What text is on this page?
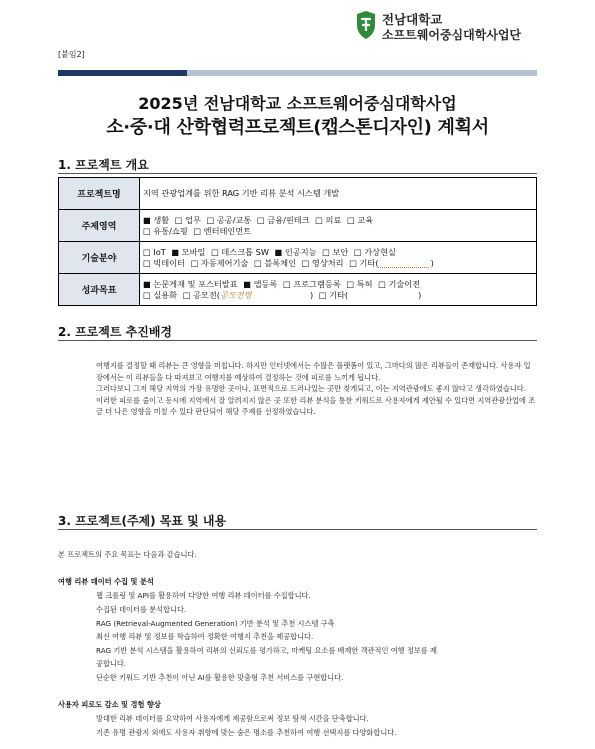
전남대학교
소프트웨어중심대학사업단
[붙임2]
2025년 전남대학교 소프트웨어중심대학사업
소·중·대 산학협력프로젝트(캡스톤디자인) 계획서
1. 프로젝트 개요
프로젝트명	지역 관광업계를 위한 RAG 기반 리뷰 분석 시스템 개발
주제영역	■ 생활 □ 업무 □ 공공/교통 □ 금융/핀테크 □ 의료 □ 교육
□ 유통/쇼핑 □ 엔터테인먼트

기술분야	□ IoT ■ 모바일 □ 데스크톱 SW ■ 인공지능 □ 보안 □ 가상현실
□ 빅데이터 □ 자동제어기술 □ 블록체인 □ 영상처리 □ 기타( )

성과목표	■ 논문게재 및 포스터발표 ■ 앱등록 □ 프로그램등록 □ 특허 □ 기술이전
□ 실용화 □ 공모전(공모전명 ) □ 기타( )
2. 프로젝트 추진배경

여행지를 결정할 때 리뷰는 큰 영향을 미칩니다. 하지만 인터넷에서는 수많은 플랫폼이 있고, 그마다의 많은 리뷰들이 존재합니다. 사용자 입장에서는 이 리뷰들을 다 따져보고 여행지를 예상하여 결정하는 것에 피로를 느끼게 됩니다.

그러다보니 그저 해당 지역의 가장 유명한 곳이나, 표면적으로 드러나있는 곳만 찾게되고, 이는 지역관광에도 좋지 않다고 생각하였습니다.

이러한 피로를 줄이고 동시에 지역에서 잘 알려지지 않은 곳 또한 리뷰 분석을 통한 키워드로 사용자에게 제안될 수 있다면 지역관광산업에 조금 더 나은 영향을 미칠 수 있다 판단되어 해당 주제를 선정하였습니다.

3. 프로젝트(주제) 목표 및 내용
본 프로젝트의 주요 목표는 다음과 같습니다.
여행 리뷰 데이터 수집 및 분석
웹 크롤링 및 API를 활용하여 다양한 여행 리뷰 데이터를 수집합니다.
수집된 데이터를 분석합니다.
RAG (Retrieval-Augmented Generation) 기반 분석 및 추천 시스템 구축
최신 여행 리뷰 및 정보를 학습하여 정확한 여행지 추천을 제공합니다.
RAG 기반 분석 시스템을 활용하여 리뷰의 신뢰도를 평가하고, 마케팅 요소를 배제한 객관적인 여행 정보를 제
공합니다.
단순한 키워드 기반 추천이 아닌 AI를 활용한 맞춤형 추천 서비스를 구현합니다.
사용자 피로도 감소 및 경험 향상
방대한 리뷰 데이터를 요약하여 사용자에게 제공함으로써 정보 탐색 시간을 단축합니다.
기존 유명 관광지 외에도 사용자 취향에 맞는 숨은 명소를 추천하여 여행 선택지를 다양화합니다.
